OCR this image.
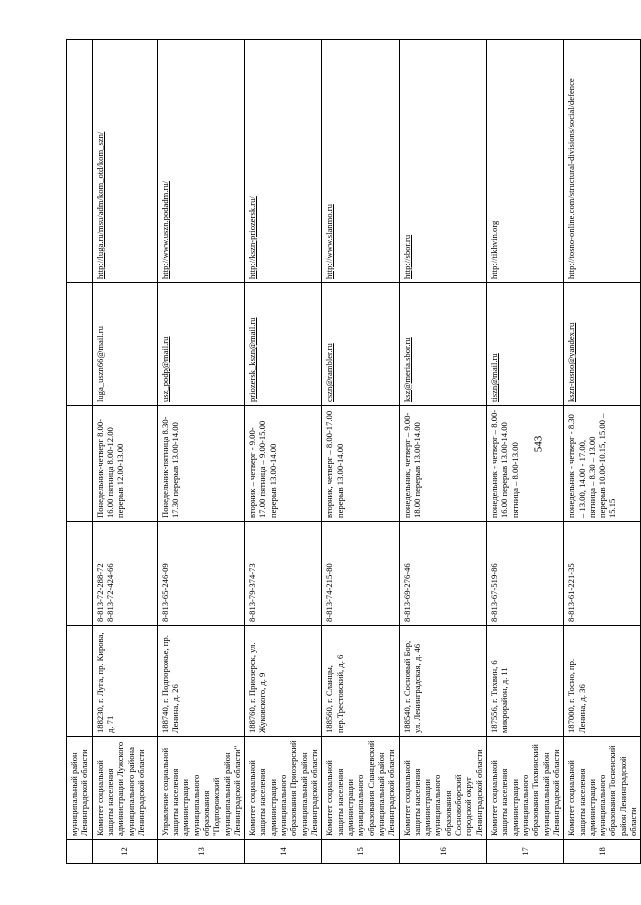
543
	муниципальный район Ленинградской области					
12	Комитет социальной защиты населения администрации Лужского муниципального района Ленинградской области	188230, г. Луга, пр. Кирова, д. 71	8-813-72-288-72 8-813-72-424-66	Понедельник-четверг 8.00-16.00 пятница 8.00-12.00 перерыв 12.00-13.00	luga_uszn66@mail.ru	http://luga.ru/msu/adm/kom_otd/kom_szn/
13	Управление социальной защиты населения администрации муниципального образования "Подпорожский муниципальный район Ленинградской области"	188740, г. Подпорожье, пр. Ленина, д. 26	8-813-65-246-09	Понедельник-пятница 8.30-17.30 перерыв 13.00-14.00	usz_podp@mail.ru	http://www.uszn.podadm.ru/
14	Комитет социальной защиты населения администрации муниципального образования Приозерский муниципальный район Ленинградской области	188760, г. Приозерск, ул. Жуковского, д. 9	8-813-79-374-73	вторник – четверг - 9.00-17.00 пятница – 9.00-15.00 перерыв 13.00-14.00	priozersk_kszn@mail.ru	http://kszn-priozersk.ru/
15	Комитет социальной защиты населения администрации муниципального образования Сланцевский муниципальный район Ленинградской области	188560, г. Сланцы, пер.Трестовский, д. 6	8-813-74-215-80	вторник, четверг – 8.00-17.00 перерыв 13.00-14.00	cszn@rambler.ru	http://www.slanmo.ru
16	Комитет социальной защиты населения администрации муниципального образования Сосновоборский городской округ Ленинградской области	188540, г. Сосновый Бор, ул. Ленинградская, д. 46	8-813-69-276-46	понедельник, четверг – 9.00-18.00 перерыв 13.00-14.00	ksz@meria.sbor.ru	http://sbor.ru
17	Комитет социальной защиты населения администрации муниципального образования Тихвинский муниципальный район Ленинградской области	187556, г. Тихвин, 6 микрорайон, д. 11	8-813-67-519-86	понедельник - четверг – 8.00-16.00 перерыв 13.00-14.00 пятница – 8.00-13.00	tiszn@mail.ru	http://tikhvin.org
18	Комитет социальной защиты населения администрации муниципального образования Тосненский район Ленинградской области	187000, г. Тосно, пр. Ленина, д. 36	8-813-61-221-35	понедельник - четверг - 8.30 – 13.00, 14.00 - 17.00, пятница – 8.30 – 13.00 перерыв 10.00-10.15, 15.00 – 15.15	kszn-tosno@yandex.ru	http://tosno-online.com/structural-divisions/social/defence
